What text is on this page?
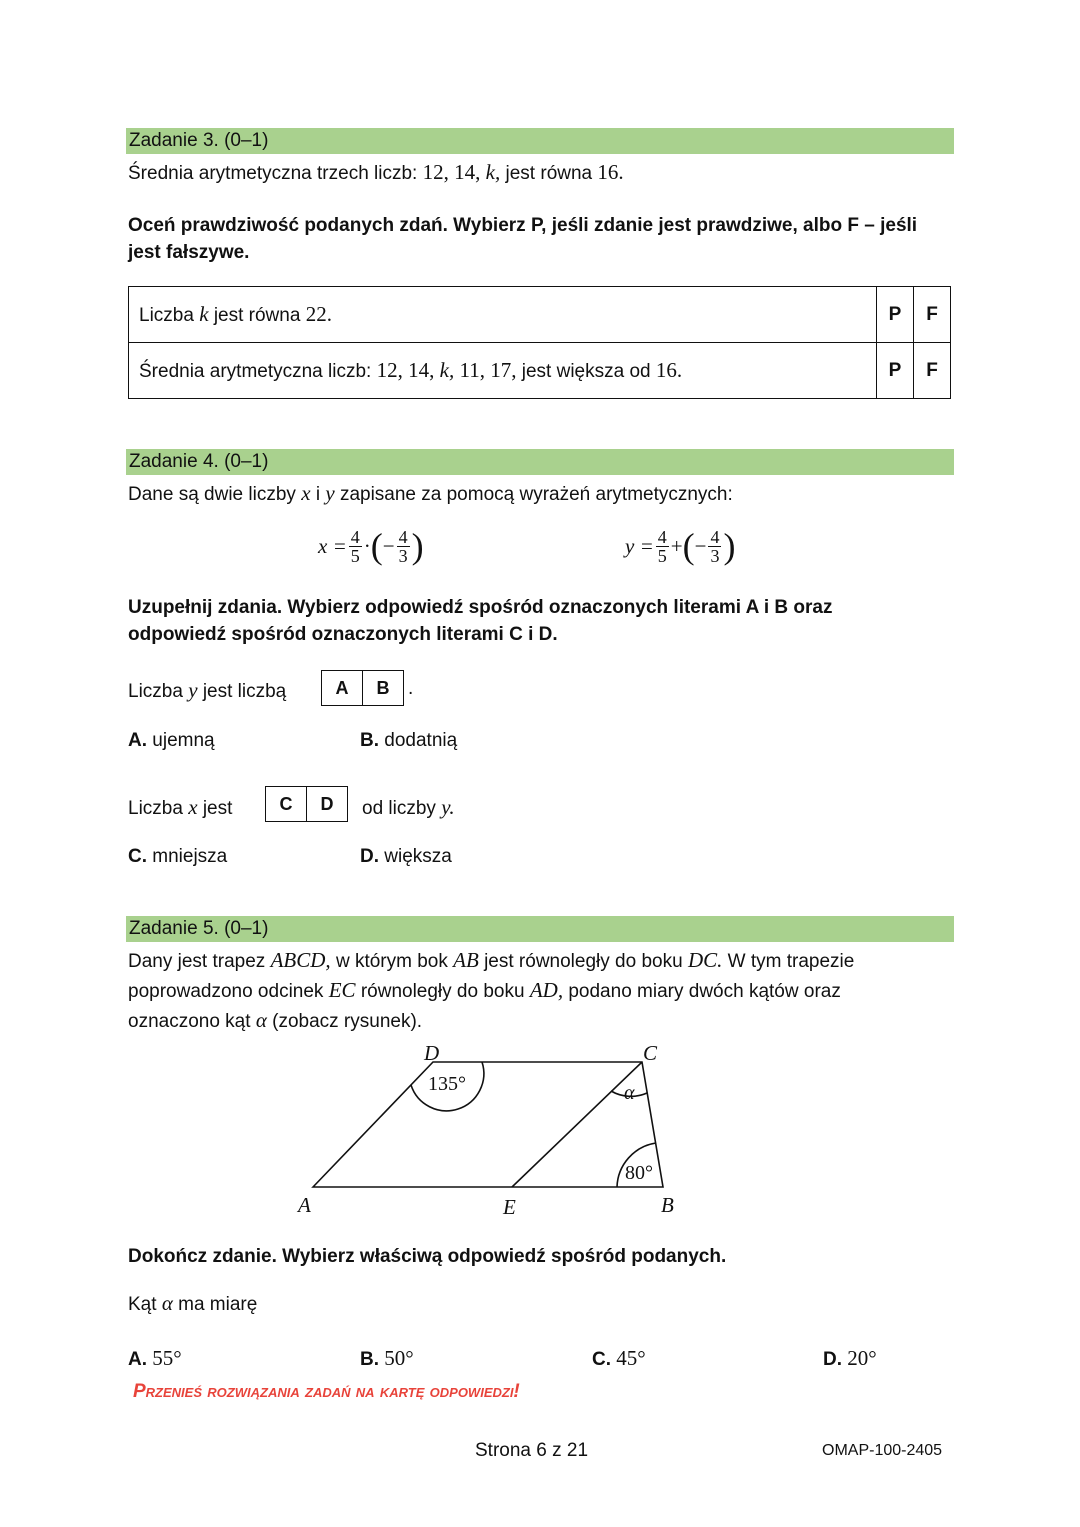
Zadanie 3. (0–1)
Średnia arytmetyczna trzech liczb: 12, 14, k, jest równa 16.
Oceń prawdziwość podanych zdań. Wybierz P, jeśli zdanie jest prawdziwe, albo F – jeśli jest fałszywe.
Liczba k jest równa 22.	P	F
Średnia arytmetyczna liczb: 12, 14, k, 11, 17, jest większa od 16.	P	F
Zadanie 4. (0–1)
Dane są dwie liczby x i y zapisane za pomocą wyrażeń arytmetycznych:
$x = \frac{4}{5}$ · ( − $\frac{4}{3}$ )	$y = \frac{4}{5}$ + ( − $\frac{4}{3}$ )
Uzupełnij zdania. Wybierz odpowiedź spośród oznaczonych literami A i B oraz
odpowiedź spośród oznaczonych literami C i D.
Liczba y jest liczbą	A	B .
A. ujemną	B. dodatnią
Liczba x jest	C	D	od liczby y.
C. mniejsza	D. większa
Zadanie 5. (0–1)
Dany jest trapez ABCD, w którym bok AB jest równoległy do boku DC. W tym trapezie
poprowadzono odcinek EC równoległy do boku AD, podano miary dwóch kątów oraz
oznaczono kąt α (zobacz rysunek).
D	C
A	E	B
α
135°
80°
Dokończ zdanie. Wybierz właściwą odpowiedź spośród podanych.
Kąt α ma miarę
A. 55°	B. 50°	C. 45°	D. 20°
Przenieś rozwiązania zadań na kartę odpowiedzi!
Strona 6 z 21	OMAP-100-2405
